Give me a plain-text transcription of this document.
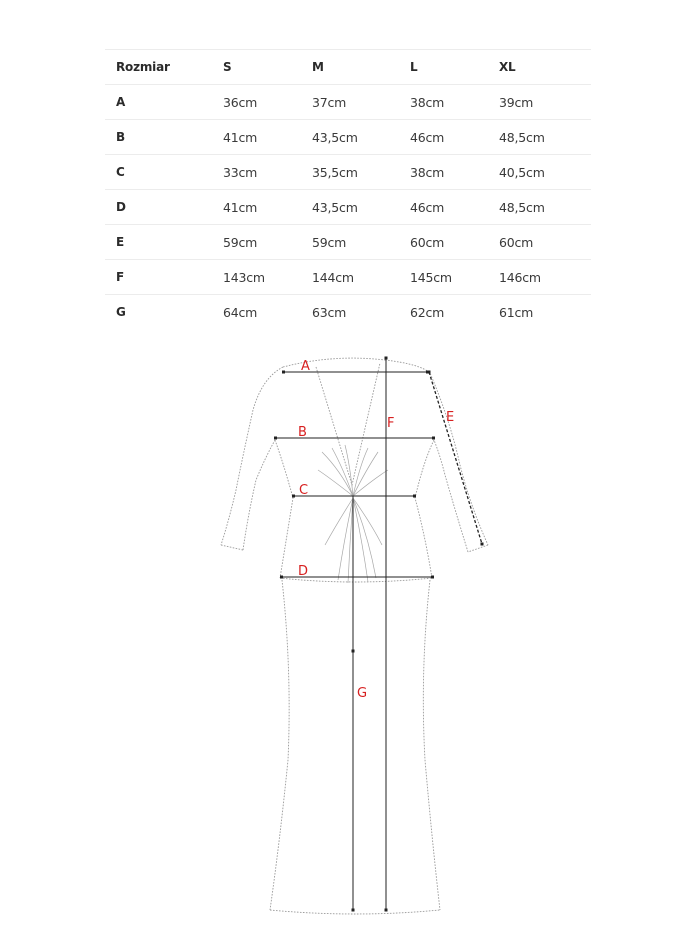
Rozmiar	S	M	L	XL
A	36cm	37cm	38cm	39cm
B	41cm	43,5cm	46cm	48,5cm
C	33cm	35,5cm	38cm	40,5cm
D	41cm	43,5cm	46cm	48,5cm
E	59cm	59cm	60cm	60cm
F	143cm	144cm	145cm	146cm
G	64cm	63cm	62cm	61cm
A
B
C
D
E
F
G
